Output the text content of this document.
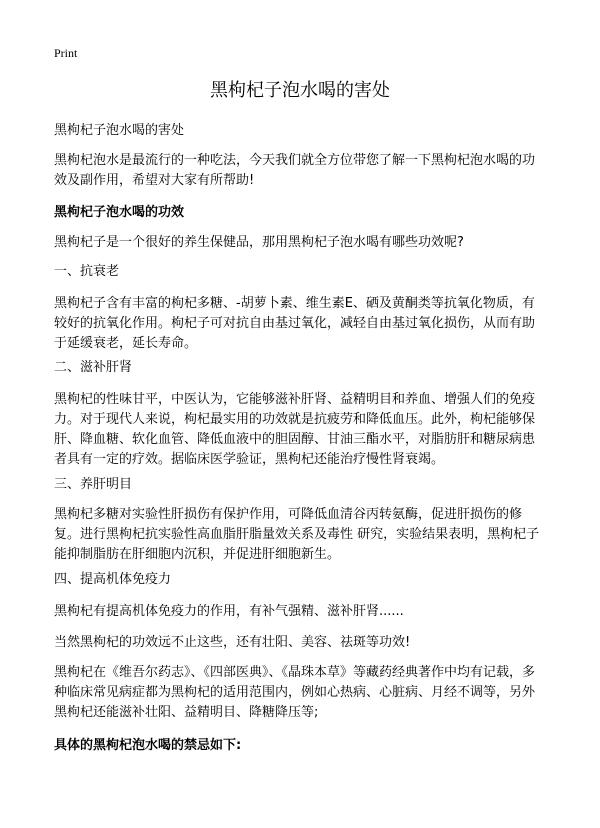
Print
黑枸杞子泡水喝的害处

黑枸杞子泡水喝的害处

黑枸杞泡水是最流行的一种吃法，今天我们就全方位带您了解一下黑枸杞泡水喝的功效及副作用，希望对大家有所帮助!

黑枸杞子泡水喝的功效

黑枸杞子是一个很好的养生保健品，那用黑枸杞子泡水喝有哪些功效呢?

一、抗衰老

黑枸杞子含有丰富的枸杞多糖、-胡萝卜素、维生素E、硒及黄酮类等抗氧化物质，有较好的抗氧化作用。枸杞子可对抗自由基过氧化，减轻自由基过氧化损伤，从而有助于延缓衰老，延长寿命。

二、滋补肝肾

黑枸杞的性味甘平，中医认为，它能够滋补肝肾、益精明目和养血、增强人们的免疫力。对于现代人来说，枸杞最实用的功效就是抗疲劳和降低血压。此外，枸杞能够保肝、降血糖、软化血管、降低血液中的胆固醇、甘油三酯水平，对脂肪肝和糖尿病患者具有一定的疗效。据临床医学验证，黑枸杞还能治疗慢性肾衰竭。

三、养肝明目

黑枸杞多糖对实验性肝损伤有保护作用，可降低血清谷丙转氨酶，促进肝损伤的修复。进行黑枸杞抗实验性高血脂肝脂量效关系及毒性 研究，实验结果表明，黑枸杞子能抑制脂肪在肝细胞内沉积，并促进肝细胞新生。

四、提高机体免疫力

黑枸杞有提高机体免疫力的作用，有补气强精、滋补肝肾......

当然黑枸杞的功效远不止这些，还有壮阳、美容、祛斑等功效!

黑枸杞在《维吾尔药志》、《四部医典》、《晶珠本草》等藏药经典著作中均有记载，多种临床常见病症都为黑枸杞的适用范围内，例如心热病、心脏病、月经不调等，另外黑枸杞还能滋补壮阳、益精明目、降糖降压等;

具体的黑枸杞泡水喝的禁忌如下:
